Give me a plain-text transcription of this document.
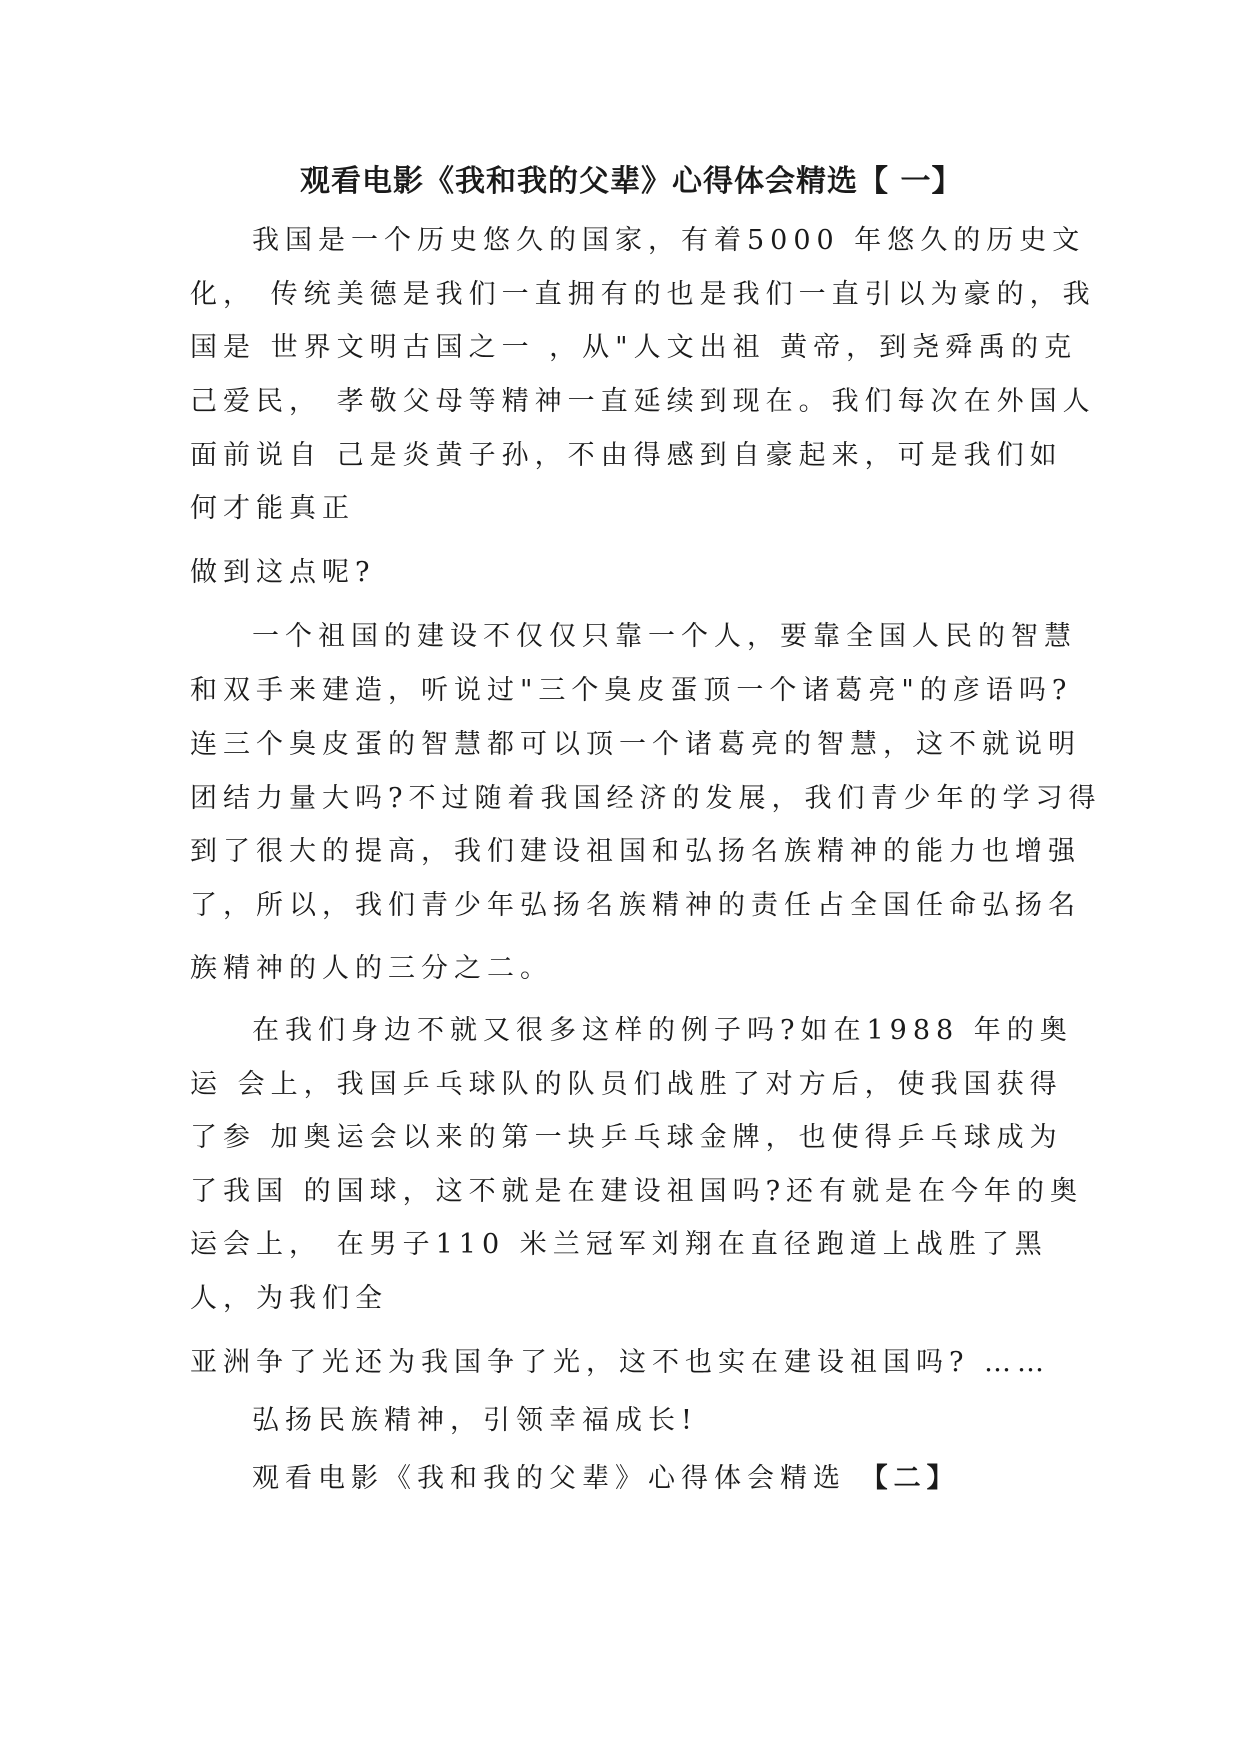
观看电影《我和我的父辈》心得体会精选【 一】
我国是一个历史悠久的国家，有着5000 年悠久的历史文
化， 传统美德是我们一直拥有的也是我们一直引以为豪的，我
国是 世界文明古国之一 ，从"人文出祖 黄帝，到尧舜禹的克
己爱民， 孝敬父母等精神一直延续到现在。我们每次在外国人
面前说自 己是炎黄子孙，不由得感到自豪起来，可是我们如
何才能真正
做到这点呢?
一个祖国的建设不仅仅只靠一个人，要靠全国人民的智慧
和双手来建造，听说过"三个臭皮蛋顶一个诸葛亮"的彦语吗?
连三个臭皮蛋的智慧都可以顶一个诸葛亮的智慧，这不就说明
团结力量大吗?不过随着我国经济的发展，我们青少年的学习得
到了很大的提高，我们建设祖国和弘扬名族精神的能力也增强
了，所以，我们青少年弘扬名族精神的责任占全国任命弘扬名
族精神的人的三分之二。
在我们身边不就又很多这样的例子吗?如在1988 年的奥
运 会上，我国乒乓球队的队员们战胜了对方后，使我国获得
了参 加奥运会以来的第一块乒乓球金牌，也使得乒乓球成为
了我国 的国球，这不就是在建设祖国吗?还有就是在今年的奥
运会上， 在男子110 米兰冠军刘翔在直径跑道上战胜了黑
人，为我们全
亚洲争了光还为我国争了光，这不也实在建设祖国吗? ……
弘扬民族精神，引领幸福成长!
观看电影《我和我的父辈》心得体会精选 【二】
